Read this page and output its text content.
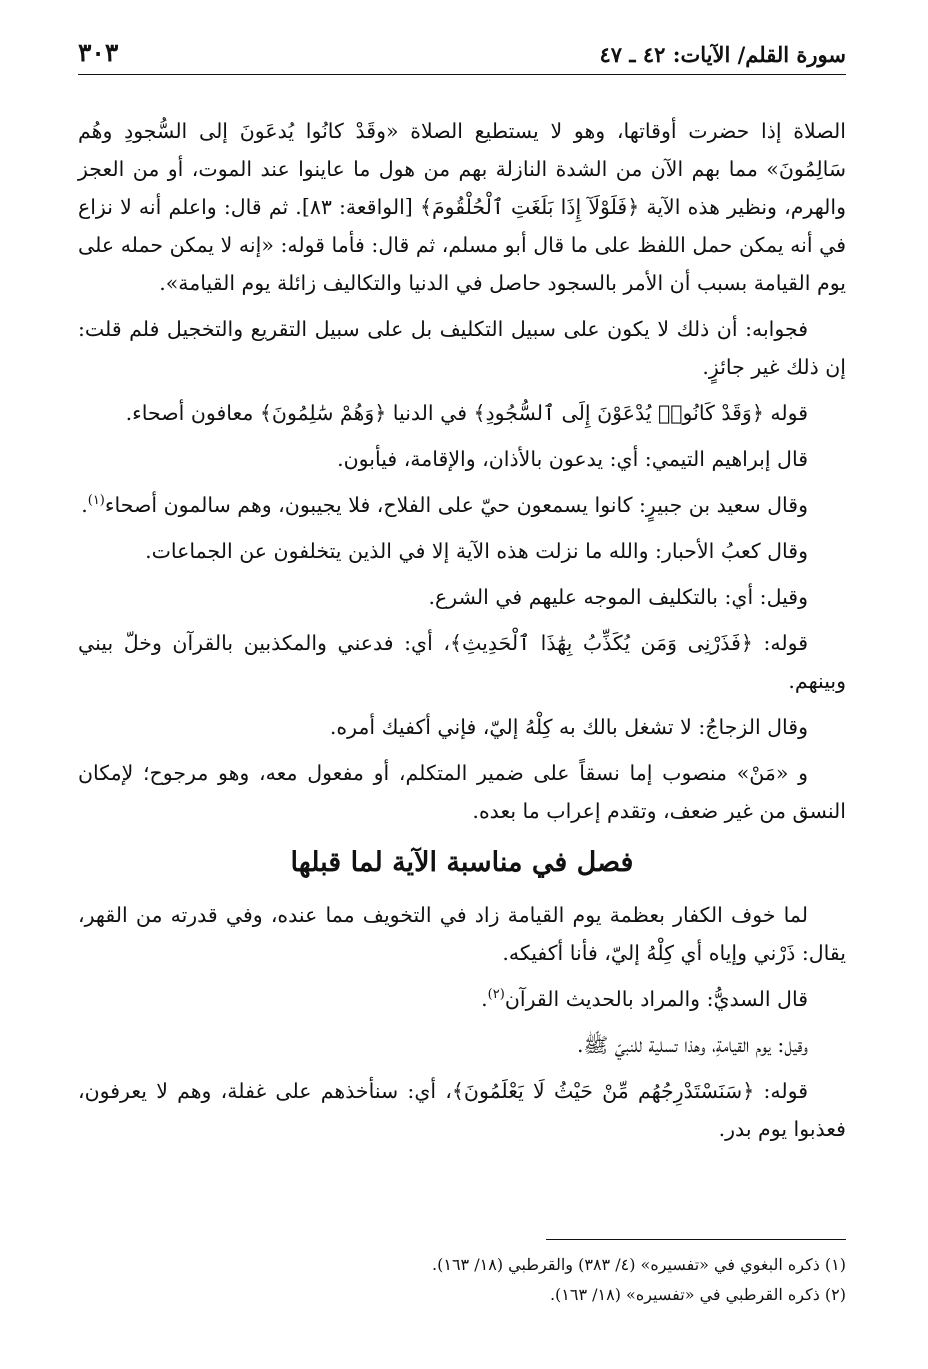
سورة القلم/ الآيات: ٤٢ ـ ٤٧
٣٠٣

الصلاة إذا حضرت أوقاتها، وهو لا يستطيع الصلاة «وقَدْ كانُوا يُدعَونَ إلى السُّجودِ وهُم سَالِمُونَ» مما بهم الآن من الشدة النازلة بهم من هول ما عاينوا عند الموت، أو من العجز والهرم، ونظير هذه الآية ﴿فَلَوْلَآ إِذَا بَلَغَتِ ٱلْحُلْقُومَ﴾ [الواقعة: ٨٣]. ثم قال: واعلم أنه لا نزاع في أنه يمكن حمل اللفظ على ما قال أبو مسلم، ثم قال: فأما قوله: «إنه لا يمكن حمله على يوم القيامة بسبب أن الأمر بالسجود حاصل في الدنيا والتكاليف زائلة يوم القيامة».

فجوابه: أن ذلك لا يكون على سبيل التكليف بل على سبيل التقريع والتخجيل فلم قلت: إن ذلك غير جائزٍ.

قوله ﴿وَقَدْ كَانُوا۟ يُدْعَوْنَ إِلَى ٱلسُّجُودِ﴾ في الدنيا ﴿وَهُمْ سَٰلِمُونَ﴾ معافون أصحاء.

قال إبراهيم التيمي: أي: يدعون بالأذان، والإقامة، فيأبون.

وقال سعيد بن جبيرٍ: كانوا يسمعون حيّ على الفلاح، فلا يجيبون، وهم سالمون أصحاء$^{(١)}$.

وقال كعبُ الأحبار: والله ما نزلت هذه الآية إلا في الذين يتخلفون عن الجماعات.

وقيل: أي: بالتكليف الموجه عليهم في الشرع.

قوله: ﴿فَذَرْنِى وَمَن يُكَذِّبُ بِهَٰذَا ٱلْحَدِيثِ﴾، أي: فدعني والمكذبين بالقرآن وخلّ بيني وبينهم.

وقال الزجاجُ: لا تشغل بالك به كِلْهُ إليّ، فإني أكفيك أمره.

و «مَنْ» منصوب إما نسقاً على ضمير المتكلم، أو مفعول معه، وهو مرجوح؛ لإمكان النسق من غير ضعف، وتقدم إعراب ما بعده.

فصل في مناسبة الآية لما قبلها

لما خوف الكفار بعظمة يوم القيامة زاد في التخويف مما عنده، وفي قدرته من القهر، يقال: ذَرْني وإياه أي كِلْهُ إليّ، فأنا أكفيكه.

قال السديُّ: والمراد بالحديث القرآن$^{(٢)}$.

وقيل: يوم القيامةِ، وهذا تسلية للنبيّ ﷺ.

قوله: ﴿سَنَسْتَدْرِجُهُم مِّنْ حَيْثُ لَا يَعْلَمُونَ﴾، أي: سنأخذهم على غفلة، وهم لا يعرفون، فعذبوا يوم بدر.

(١) ذكره البغوي في «تفسيره» (٤/ ٣٨٣) والقرطبي (١٨/ ١٦٣).

(٢) ذكره القرطبي في «تفسيره» (١٨/ ١٦٣).
